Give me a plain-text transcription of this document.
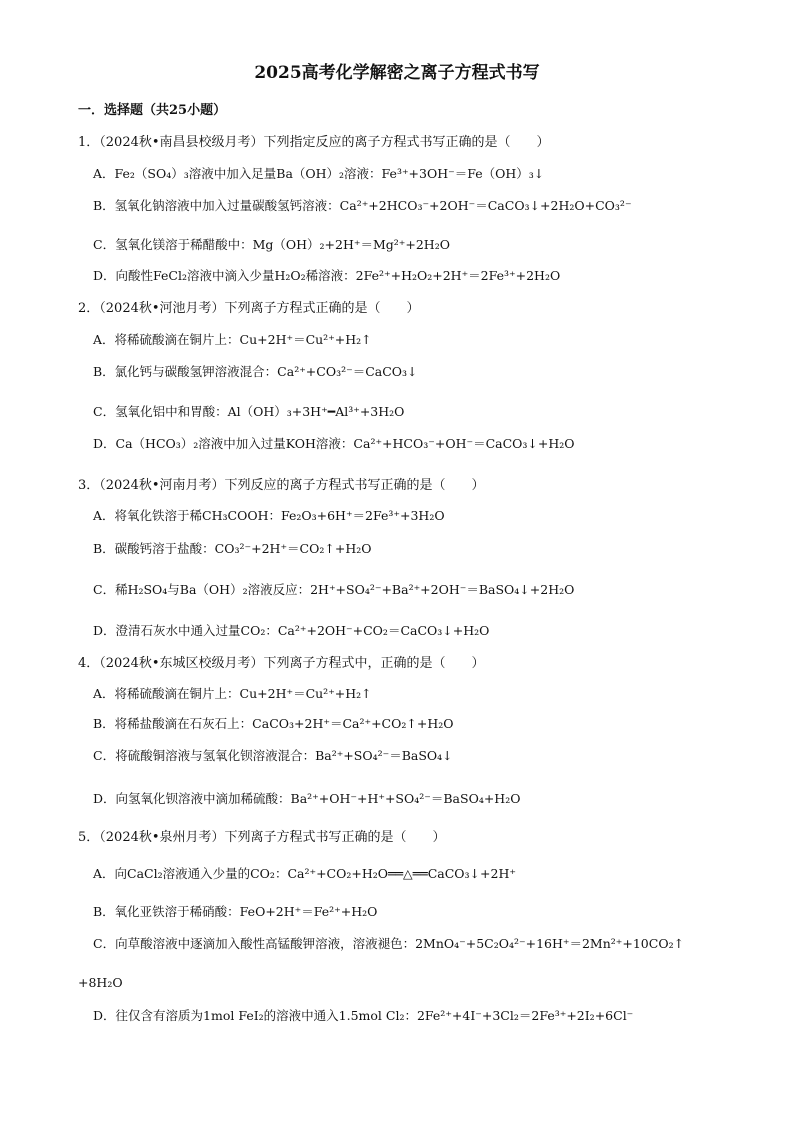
2025高考化学解密之离子方程式书写
一．选择题（共25小题）
1．（2024秋•南昌县校级月考）下列指定反应的离子方程式书写正确的是（　　）
A．Fe₂（SO₄）₃溶液中加入足量Ba（OH）₂溶液：Fe³⁺+3OH⁻＝Fe（OH）₃↓
B．氢氧化钠溶液中加入过量碳酸氢钙溶液：Ca²⁺+2HCO₃⁻+2OH⁻＝CaCO₃↓+2H₂O+CO₃²⁻
C．氢氧化镁溶于稀醋酸中：Mg（OH）₂+2H⁺＝Mg²⁺+2H₂O
D．向酸性FeCl₂溶液中滴入少量H₂O₂稀溶液：2Fe²⁺+H₂O₂+2H⁺＝2Fe³⁺+2H₂O
2．（2024秋•河池月考）下列离子方程式正确的是（　　）
A．将稀硫酸滴在铜片上：Cu+2H⁺＝Cu²⁺+H₂↑
B．氯化钙与碳酸氢钾溶液混合：Ca²⁺+CO₃²⁻＝CaCO₃↓
C．氢氧化铝中和胃酸：Al（OH）₃+3H⁺━Al³⁺+3H₂O
D．Ca（HCO₃）₂溶液中加入过量KOH溶液：Ca²⁺+HCO₃⁻+OH⁻＝CaCO₃↓+H₂O
3．（2024秋•河南月考）下列反应的离子方程式书写正确的是（　　）
A．将氧化铁溶于稀CH₃COOH：Fe₂O₃+6H⁺＝2Fe³⁺+3H₂O
B．碳酸钙溶于盐酸：CO₃²⁻+2H⁺＝CO₂↑+H₂O
C．稀H₂SO₄与Ba（OH）₂溶液反应：2H⁺+SO₄²⁻+Ba²⁺+2OH⁻＝BaSO₄↓+2H₂O
D．澄清石灰水中通入过量CO₂：Ca²⁺+2OH⁻+CO₂＝CaCO₃↓+H₂O
4．（2024秋•东城区校级月考）下列离子方程式中，正确的是（　　）
A．将稀硫酸滴在铜片上：Cu+2H⁺＝Cu²⁺+H₂↑
B．将稀盐酸滴在石灰石上：CaCO₃+2H⁺＝Ca²⁺+CO₂↑+H₂O
C．将硫酸铜溶液与氢氧化钡溶液混合：Ba²⁺+SO₄²⁻＝BaSO₄↓
D．向氢氧化钡溶液中滴加稀硫酸：Ba²⁺+OH⁻+H⁺+SO₄²⁻＝BaSO₄+H₂O
5．（2024秋•泉州月考）下列离子方程式书写正确的是（　　）
A．向CaCl₂溶液通入少量的CO₂：Ca²⁺+CO₂+H₂O══△══CaCO₃↓+2H⁺
B．氧化亚铁溶于稀硝酸：FeO+2H⁺＝Fe²⁺+H₂O
C．向草酸溶液中逐滴加入酸性高锰酸钾溶液，溶液褪色：2MnO₄⁻+5C₂O₄²⁻+16H⁺＝2Mn²⁺+10CO₂↑
+8H₂O
D．往仅含有溶质为1mol FeI₂的溶液中通入1.5mol Cl₂：2Fe²⁺+4I⁻+3Cl₂＝2Fe³⁺+2I₂+6Cl⁻
